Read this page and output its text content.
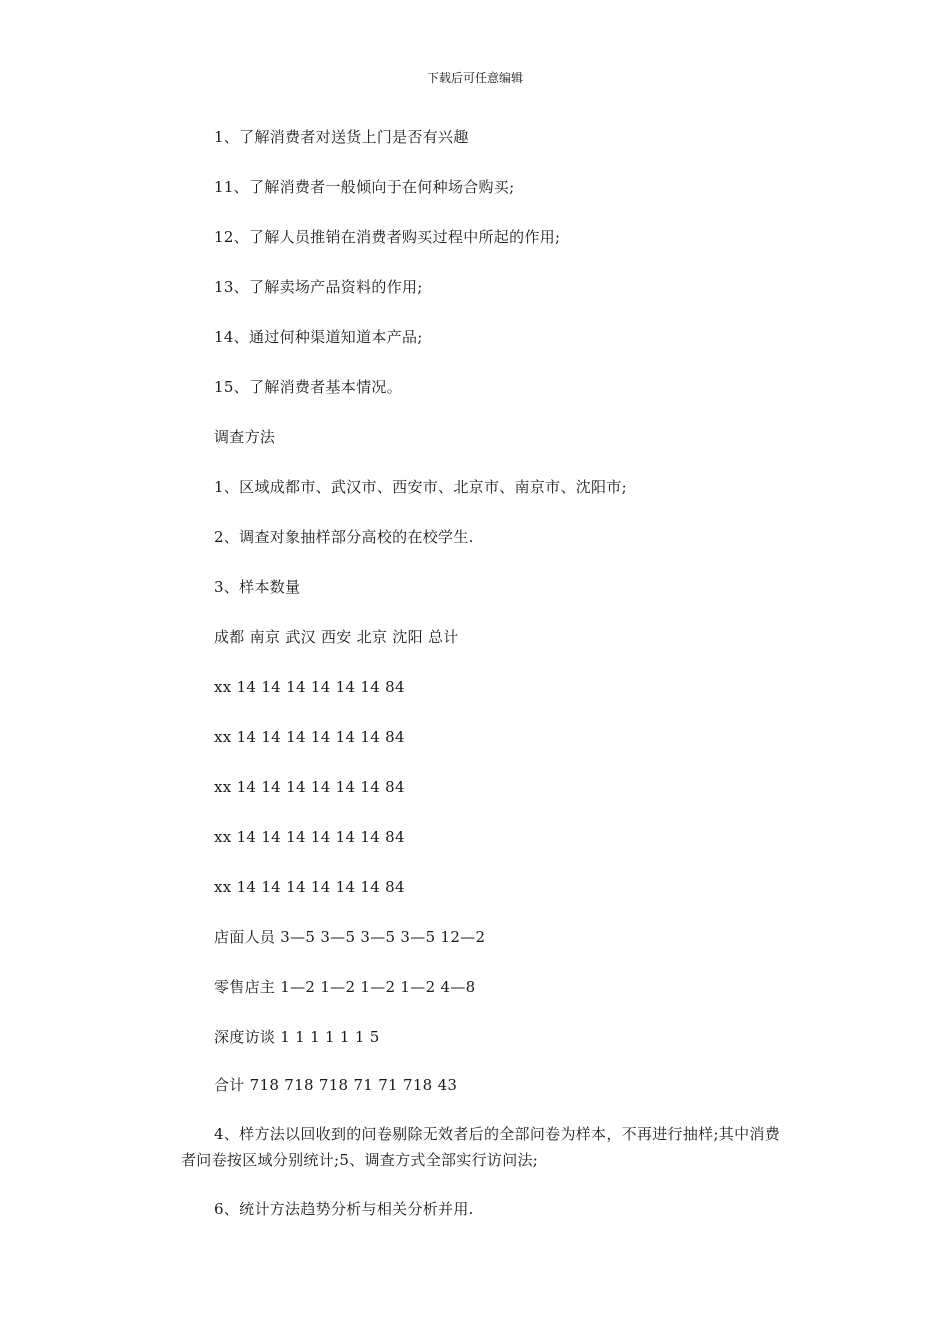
下载后可任意编辑
1、了解消费者对送货上门是否有兴趣
11、了解消费者一般倾向于在何种场合购买;
12、了解人员推销在消费者购买过程中所起的作用;
13、了解卖场产品资料的作用;
14、通过何种渠道知道本产品;
15、了解消费者基本情况。
调查方法
1、区域成都市、武汉市、西安市、北京市、南京市、沈阳市;
2、调查对象抽样部分高校的在校学生.
3、样本数量
成都 南京 武汉 西安 北京 沈阳 总计
xx 14 14 14 14 14 14 84
xx 14 14 14 14 14 14 84
xx 14 14 14 14 14 14 84
xx 14 14 14 14 14 14 84
xx 14 14 14 14 14 14 84
店面人员 3—5 3—5 3—5 3—5 12—2
零售店主 1—2 1—2 1—2 1—2 4—8
深度访谈 1 1 1 1 1 1 5
合计 718 718 718 71 71 718 43
4、样方法以回收到的问卷剔除无效者后的全部问卷为样本，不再进行抽样;其中消费者问卷按区域分别统计;5、调查方式全部实行访问法;
6、统计方法趋势分析与相关分析并用.
